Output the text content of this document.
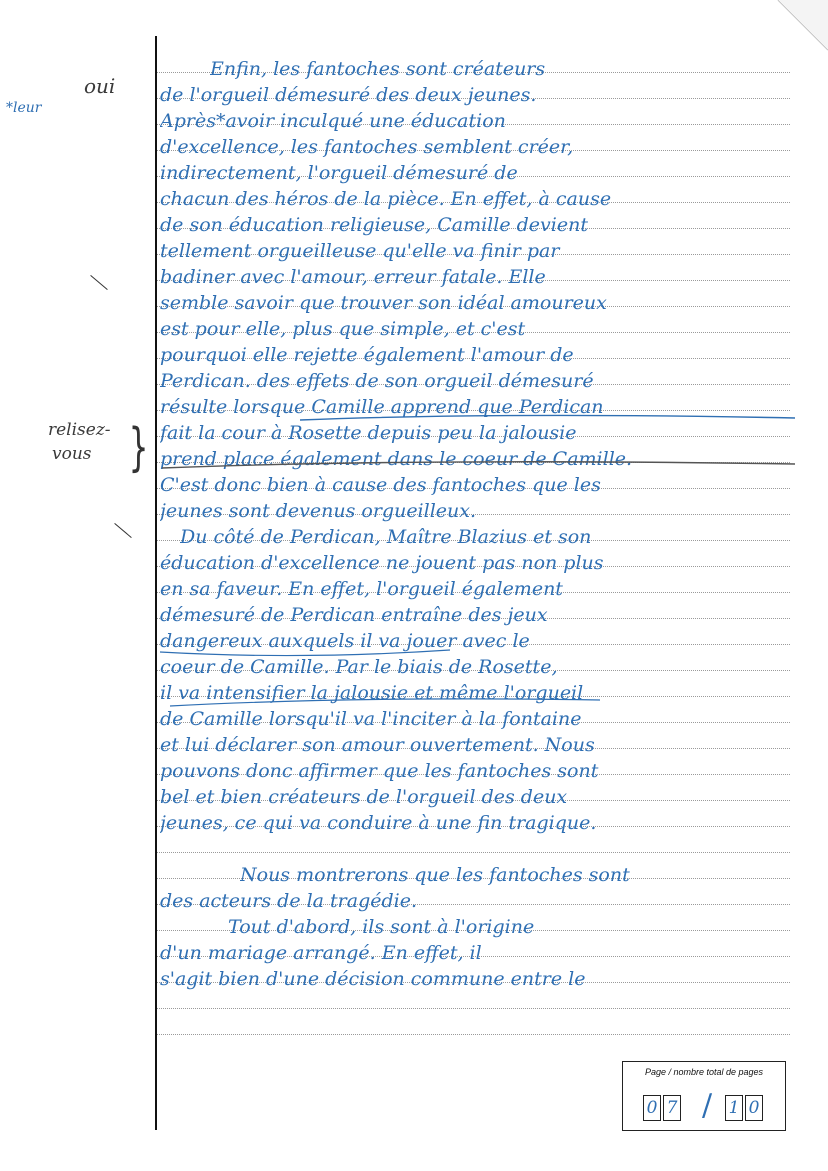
oui
*leur
relisez-
vous }
Enfin, les fantoches sont créateurs
de l'orgueil démesuré des deux jeunes.
Après*avoir inculqué une éducation
d'excellence, les fantoches semblent créer,
indirectement, l'orgueil démesuré de
chacun des héros de la pièce. En effet, à cause
de son éducation religieuse, Camille devient
tellement orgueilleuse qu'elle va finir par
badiner avec l'amour, erreur fatale. Elle
semble savoir que trouver son idéal amoureux
est pour elle, plus que simple, et c'est
pourquoi elle rejette également l'amour de
Perdican. des effets de son orgueil démesuré
résulte lorsque Camille apprend que Perdican
fait la cour à Rosette depuis peu la jalousie
prend place également dans le coeur de Camille.
C'est donc bien à cause des fantoches que les
jeunes sont devenus orgueilleux.
Du côté de Perdican, Maître Blazius et son
éducation d'excellence ne jouent pas non plus
en sa faveur. En effet, l'orgueil également
démesuré de Perdican entraîne des jeux
dangereux auxquels il va jouer avec le
coeur de Camille. Par le biais de Rosette,
il va intensifier la jalousie et même l'orgueil
de Camille lorsqu'il va l'inciter à la fontaine
et lui déclarer son amour ouvertement. Nous
pouvons donc affirmer que les fantoches sont
bel et bien créateurs de l'orgueil des deux
jeunes, ce qui va conduire à une fin tragique.
Nous montrerons que les fantoches sont
des acteurs de la tragédie.
Tout d'abord, ils sont à l'origine
d'un mariage arrangé. En effet, il
s'agit bien d'une décision commune entre le
Page / nombre total de pages
0 7	1 0
/
